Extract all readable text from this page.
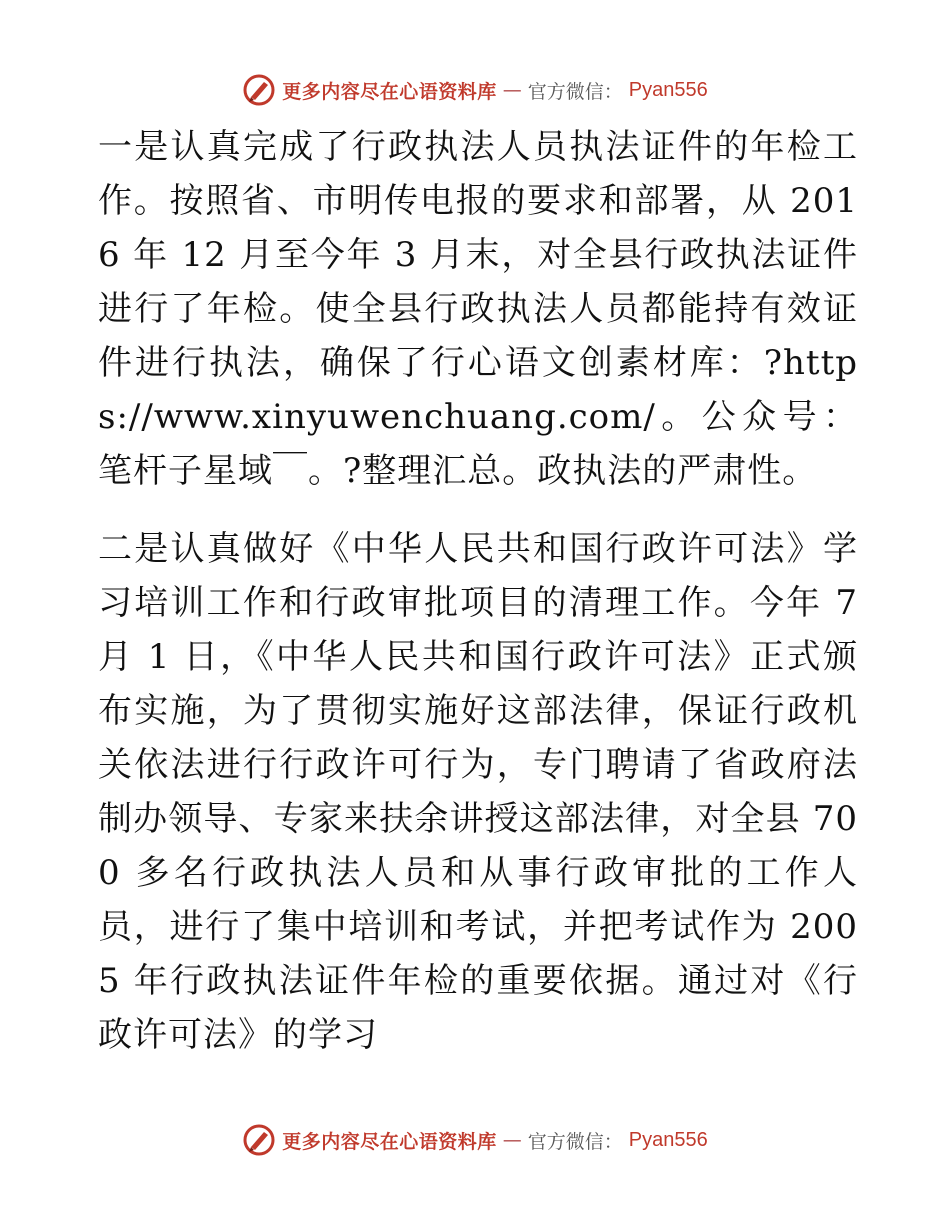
更多内容尽在心语资料库 — 官方微信： Pyan556

一是认真完成了行政执法人员执法证件的年检工作。按照省、市明传电报的要求和部署，从 2016 年 12 月至今年 3 月末，对全县行政执法证件进行了年检。使全县行政执法人员都能持有效证件进行执法，确保了行心语文创素材库：?https://www.xinyuwenchuang.com/。公众号：笔杆子星域￣。?整理汇总。政执法的严肃性。

二是认真做好《中华人民共和国行政许可法》学习培训工作和行政审批项目的清理工作。今年 7 月 1 日，《中华人民共和国行政许可法》正式颁布实施，为了贯彻实施好这部法律，保证行政机关依法进行行政许可行为，专门聘请了省政府法制办领导、专家来扶余讲授这部法律，对全县 700 多名行政执法人员和从事行政审批的工作人员，进行了集中培训和考试，并把考试作为 2005 年行政执法证件年检的重要依据。通过对《行政许可法》的学习

更多内容尽在心语资料库 — 官方微信： Pyan556
